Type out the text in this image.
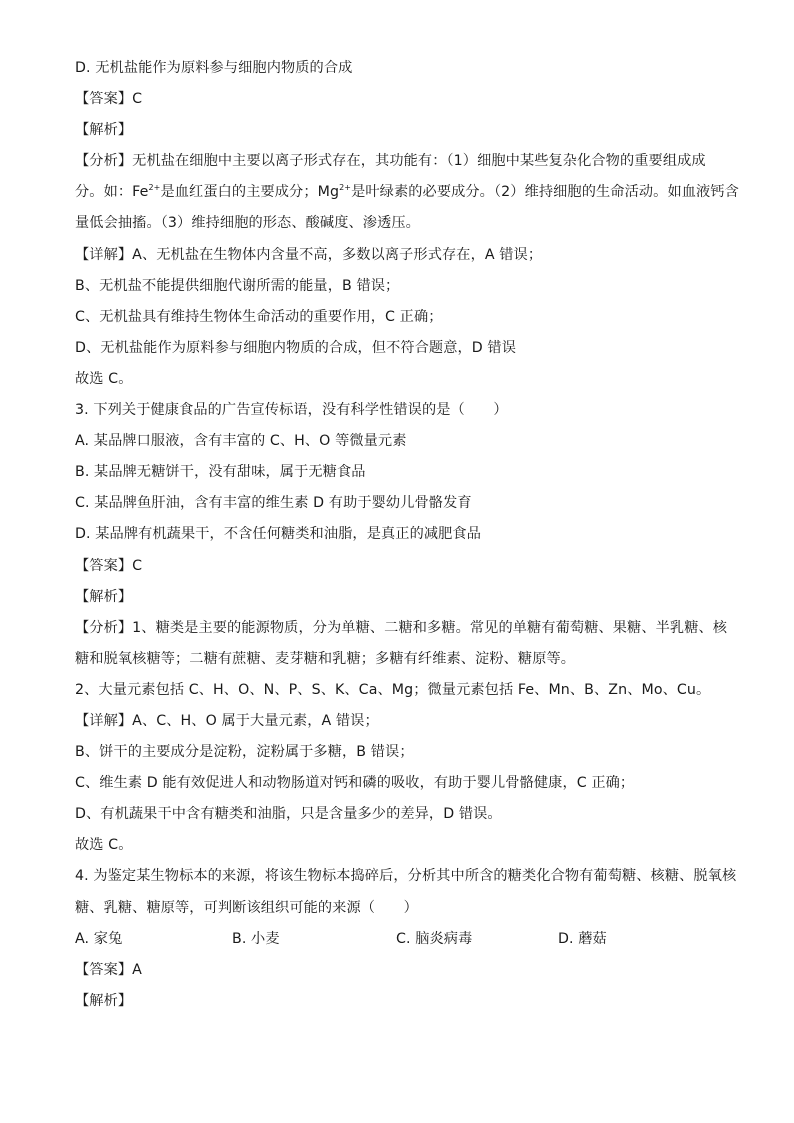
D. 无机盐能作为原料参与细胞内物质的合成
【答案】C
【解析】
【分析】无机盐在细胞中主要以离子形式存在，其功能有：（1）细胞中某些复杂化合物的重要组成成
分。如：$Fe^{2+}$是血红蛋白的主要成分；$Mg^{2+}$是叶绿素的必要成分。（2）维持细胞的生命活动。如血液钙含
量低会抽搐。（3）维持细胞的形态、酸碱度、渗透压。
【详解】A、无机盐在生物体内含量不高，多数以离子形式存在，A 错误；
B、无机盐不能提供细胞代谢所需的能量，B 错误；
C、无机盐具有维持生物体生命活动的重要作用，C 正确；
D、无机盐能作为原料参与细胞内物质的合成，但不符合题意，D 错误
故选 C。
3. 下列关于健康食品的广告宣传标语，没有科学性错误的是（　　）
A. 某品牌口服液，含有丰富的 C、H、O 等微量元素
B. 某品牌无糖饼干，没有甜味，属于无糖食品
C. 某品牌鱼肝油，含有丰富的维生素 D 有助于婴幼儿骨骼发育
D. 某品牌有机蔬果干，不含任何糖类和油脂，是真正的减肥食品
【答案】C
【解析】
【分析】1、糖类是主要的能源物质，分为单糖、二糖和多糖。常见的单糖有葡萄糖、果糖、半乳糖、核
糖和脱氧核糖等；二糖有蔗糖、麦芽糖和乳糖；多糖有纤维素、淀粉、糖原等。
2、大量元素包括 C、H、O、N、P、S、K、Ca、Mg；微量元素包括 Fe、Mn、B、Zn、Mo、Cu。
【详解】A、C、H、O 属于大量元素，A 错误；
B、饼干的主要成分是淀粉，淀粉属于多糖，B 错误；
C、维生素 D 能有效促进人和动物肠道对钙和磷的吸收，有助于婴儿骨骼健康，C 正确；
D、有机蔬果干中含有糖类和油脂，只是含量多少的差异，D 错误。
故选 C。
4. 为鉴定某生物标本的来源，将该生物标本捣碎后，分析其中所含的糖类化合物有葡萄糖、核糖、脱氧核
糖、乳糖、糖原等，可判断该组织可能的来源（　　）
A. 家兔	B. 小麦	C. 脑炎病毒	D. 蘑菇
【答案】A
【解析】
